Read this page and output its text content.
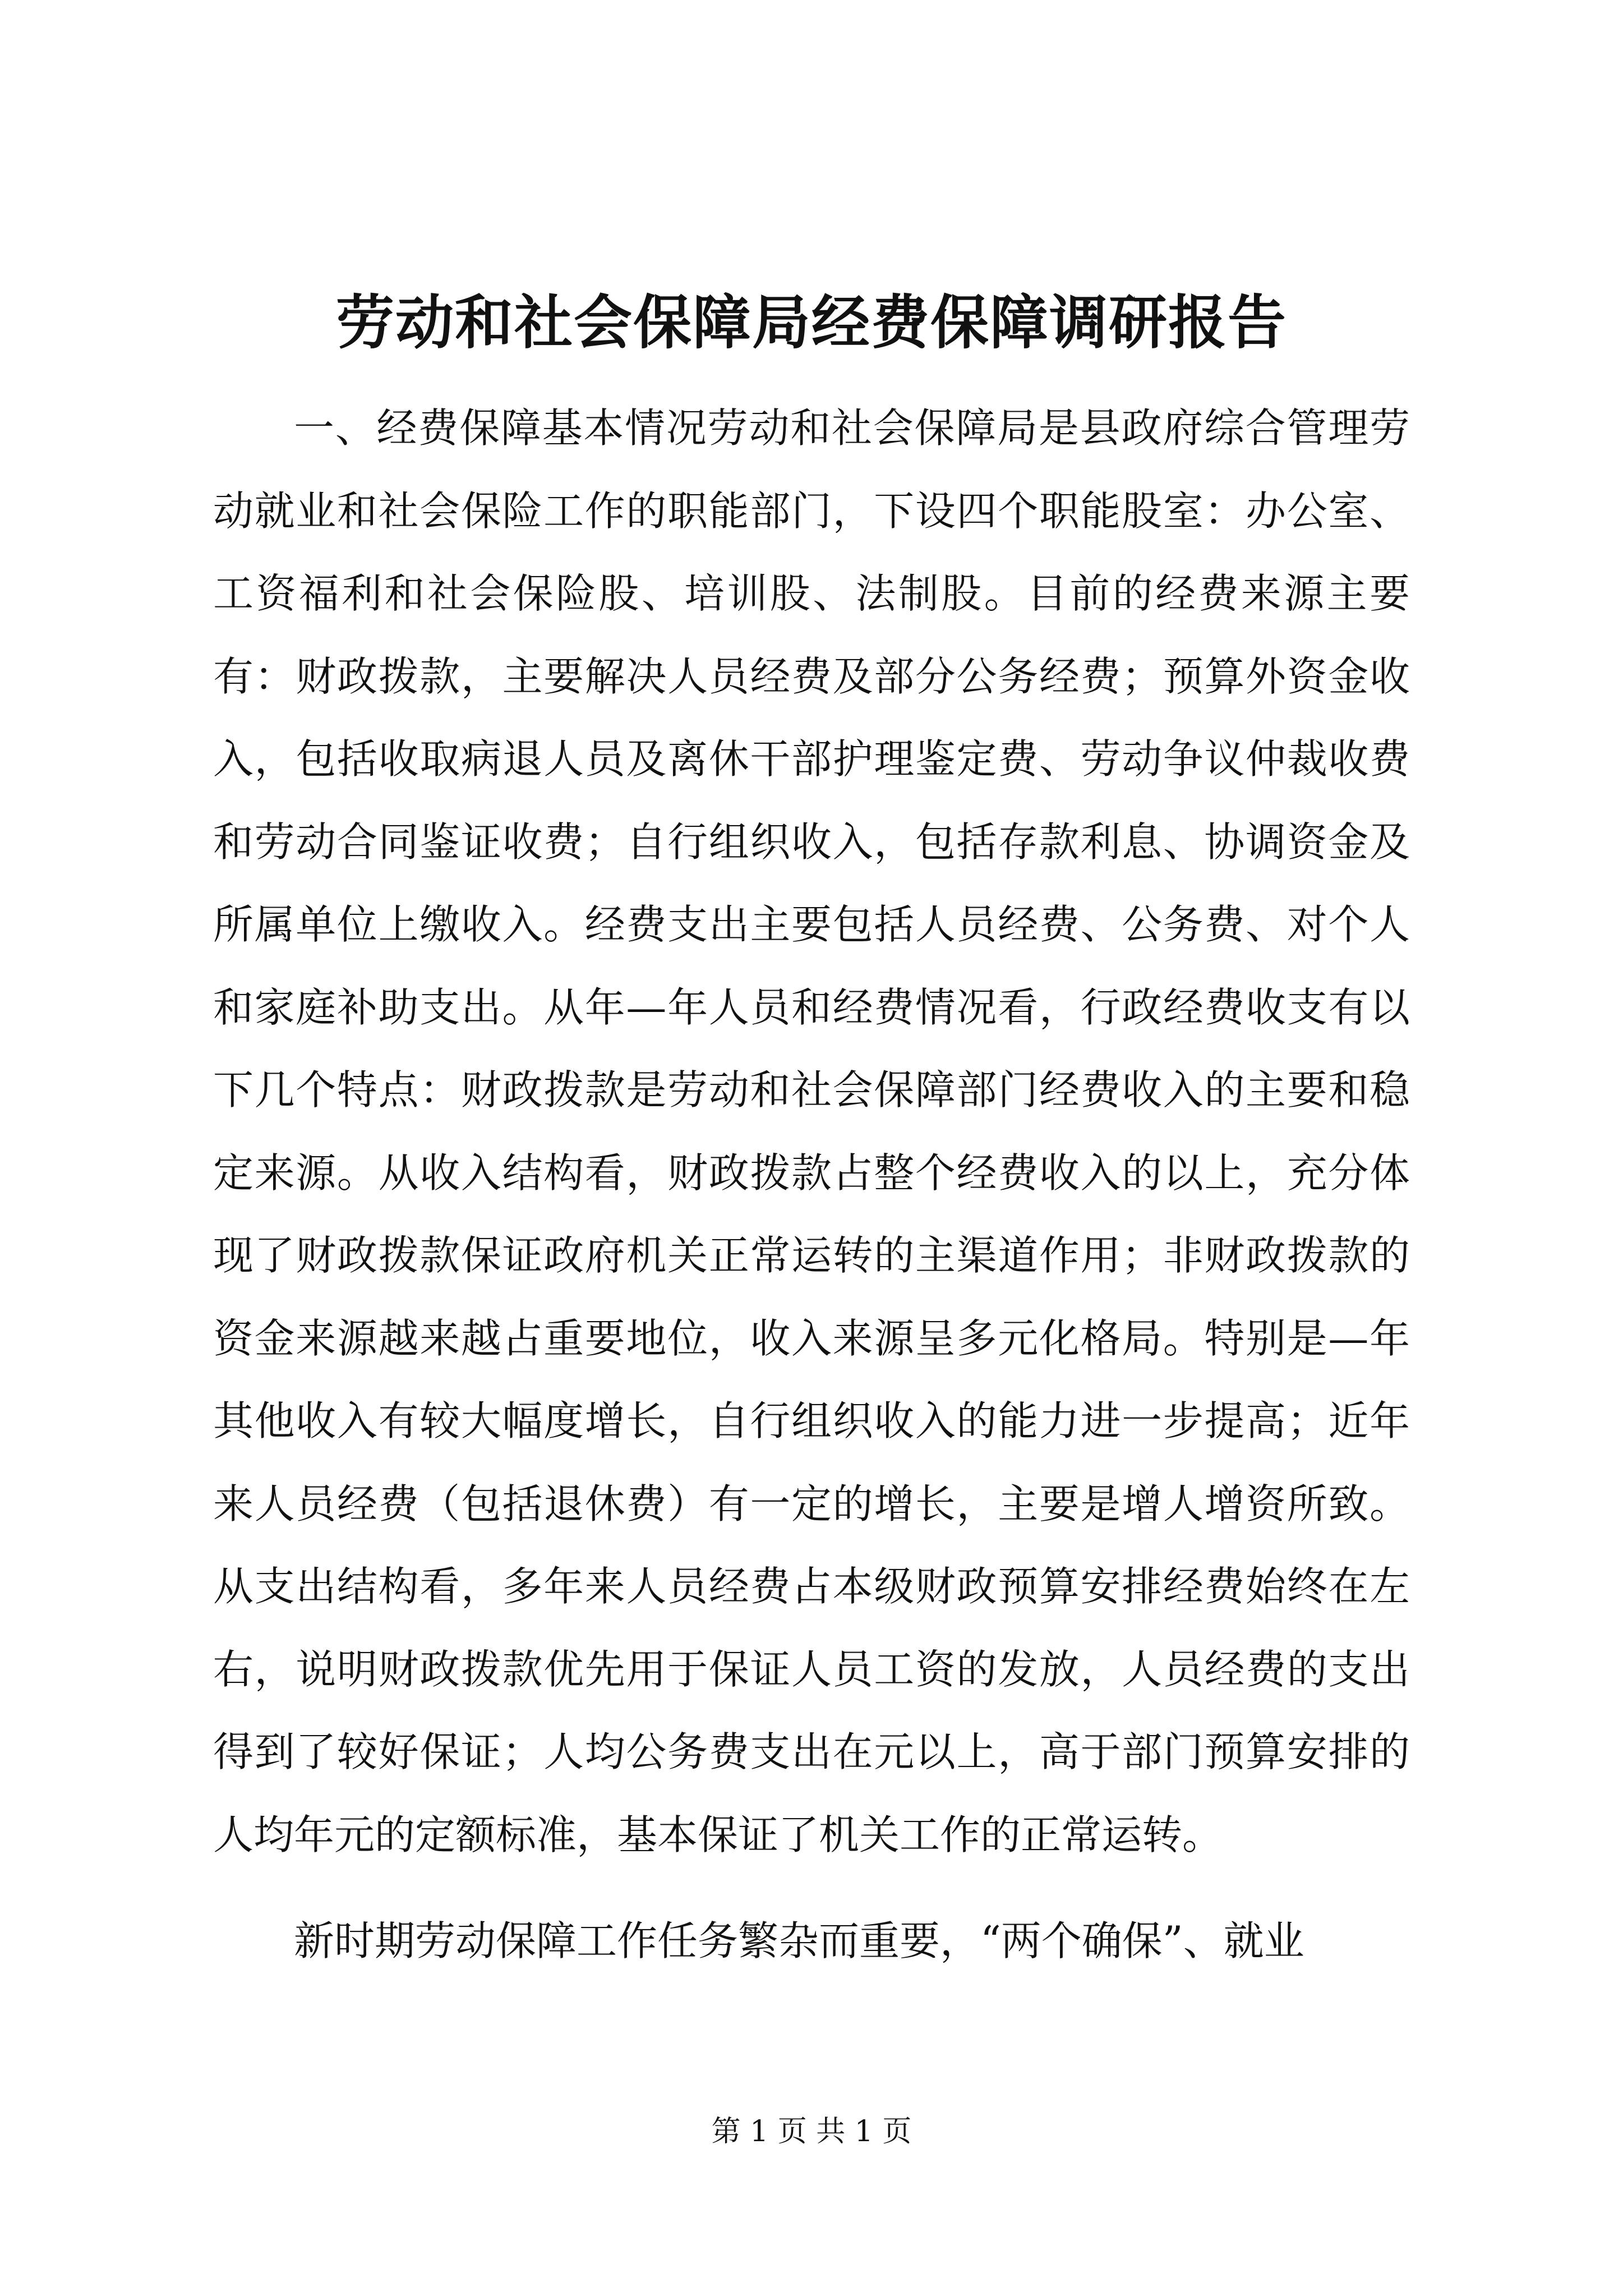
劳动和社会保障局经费保障调研报告

一、经费保障基本情况劳动和社会保障局是县政府综合管理劳动就业和社会保险工作的职能部门，下设四个职能股室：办公室、工资福利和社会保险股、培训股、法制股。目前的经费来源主要有：财政拨款，主要解决人员经费及部分公务经费；预算外资金收入，包括收取病退人员及离休干部护理鉴定费、劳动争议仲裁收费和劳动合同鉴证收费；自行组织收入，包括存款利息、协调资金及所属单位上缴收入。经费支出主要包括人员经费、公务费、对个人和家庭补助支出。从年—年人员和经费情况看，行政经费收支有以下几个特点：财政拨款是劳动和社会保障部门经费收入的主要和稳定来源。从收入结构看，财政拨款占整个经费收入的以上，充分体现了财政拨款保证政府机关正常运转的主渠道作用；非财政拨款的资金来源越来越占重要地位，收入来源呈多元化格局。特别是—年其他收入有较大幅度增长，自行组织收入的能力进一步提高；近年来人员经费（包括退休费）有一定的增长，主要是增人增资所致。从支出结构看，多年来人员经费占本级财政预算安排经费始终在左右，说明财政拨款优先用于保证人员工资的发放，人员经费的支出得到了较好保证；人均公务费支出在元以上，高于部门预算安排的人均年元的定额标准，基本保证了机关工作的正常运转。

新时期劳动保障工作任务繁杂而重要，“两个确保”、就业

第 1 页 共 1 页
